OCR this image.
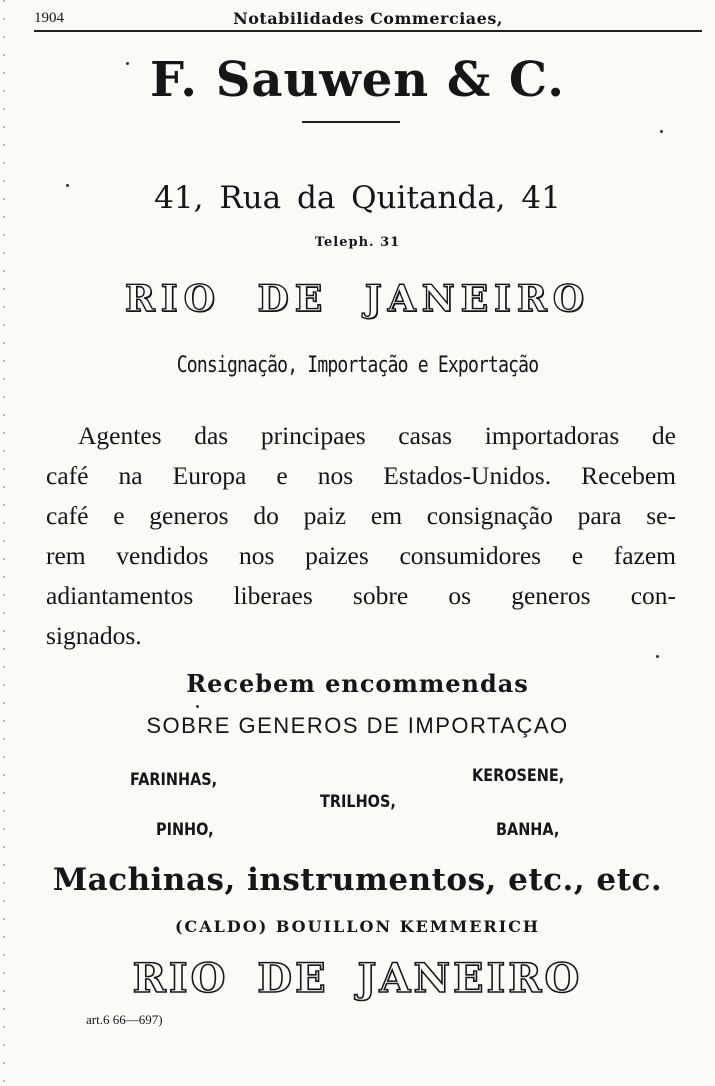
1904	Notabilidades Commerciaes,
F. Sauwen & C.
41, Rua da Quitanda, 41
Teleph. 31
RIO DE JANEIRO
Consignação, Importação e Exportação
Agentes das principaes casas importadoras de
café na Europa e nos Estados-Unidos. Recebem
café e generos do paiz em consignação para se-
rem vendidos nos paizes consumidores e fazem
adiantamentos liberaes sobre os generos con-
signados.
Recebem encommendas
SOBRE GENEROS DE IMPORTAÇAO
FARINHAS,
TRILHOS,
KEROSENE,
PINHO,	BANHA,
Machinas, instrumentos, etc., etc.
(CALDO) BOUILLON KEMMERICH
RIO DE JANEIRO
art.6 66—697)
